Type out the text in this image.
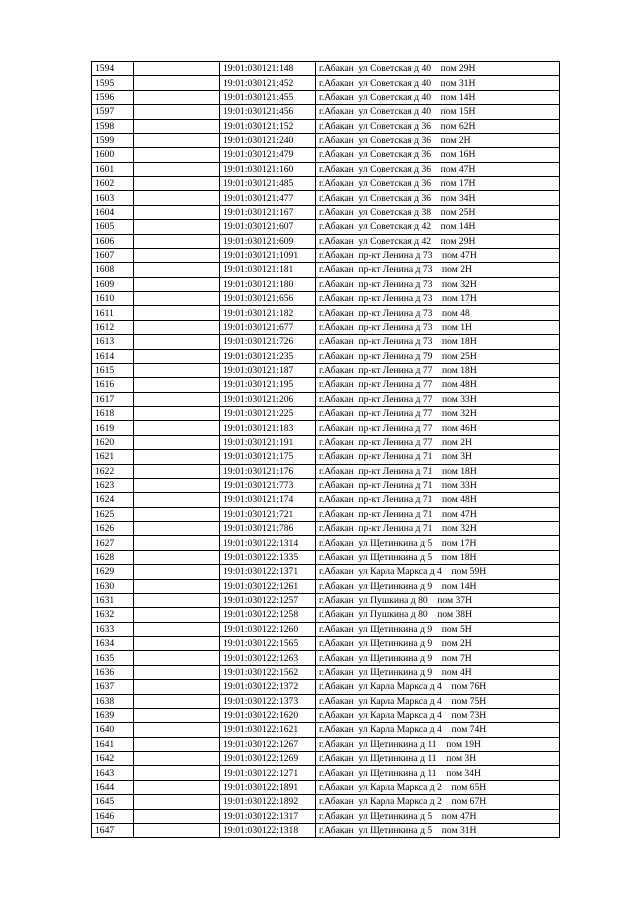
1594		19:01:030121:148	г.Абакан  ул Советская д 40    пом 29Н
1595		19:01:030121:452	г.Абакан  ул Советская д 40    пом 31Н
1596		19:01:030121:455	г.Абакан  ул Советская д 40    пом 14Н
1597		19:01:030121:456	г.Абакан  ул Советская д 40    пом 15Н
1598		19:01:030121:152	г.Абакан  ул Советская д 36    пом 62Н
1599		19:01:030121:240	г.Абакан  ул Советская д 36    пом 2Н
1600		19:01:030121:479	г.Абакан  ул Советская д 36    пом 16Н
1601		19:01:030121:160	г.Абакан  ул Советская д 36    пом 47Н
1602		19:01:030121:485	г.Абакан  ул Советская д 36    пом 17Н
1603		19:01:030121:477	г.Абакан  ул Советская д 36    пом 34Н
1604		19:01:030121:167	г.Абакан  ул Советская д 38    пом 25Н
1605		19:01:030121:607	г.Абакан  ул Советская д 42    пом 14Н
1606		19:01:030121:609	г.Абакан  ул Советская д 42    пом 29Н
1607		19:01:030121:1091	г.Абакан  пр-кт Ленина д 73    пом 47Н
1608		19:01:030121:181	г.Абакан  пр-кт Ленина д 73    пом 2Н
1609		19:01:030121:180	г.Абакан  пр-кт Ленина д 73    пом 32Н
1610		19:01:030121:656	г.Абакан  пр-кт Ленина д 73    пом 17Н
1611		19:01:030121:182	г.Абакан  пр-кт Ленина д 73    пом 48
1612		19:01:030121:677	г.Абакан  пр-кт Ленина д 73    пом 1Н
1613		19:01:030121:726	г.Абакан  пр-кт Ленина д 73    пом 18Н
1614		19:01:030121:235	г.Абакан  пр-кт Ленина д 79    пом 25Н
1615		19:01:030121:187	г.Абакан  пр-кт Ленина д 77    пом 18Н
1616		19:01:030121:195	г.Абакан  пр-кт Ленина д 77    пом 48Н
1617		19:01:030121:206	г.Абакан  пр-кт Ленина д 77    пом 33Н
1618		19:01:030121:225	г.Абакан  пр-кт Ленина д 77    пом 32Н
1619		19:01:030121:183	г.Абакан  пр-кт Ленина д 77    пом 46Н
1620		19:01:030121:191	г.Абакан  пр-кт Ленина д 77    пом 2Н
1621		19:01:030121:175	г.Абакан  пр-кт Ленина д 71    пом 3Н
1622		19:01:030121:176	г.Абакан  пр-кт Ленина д 71    пом 18Н
1623		19:01:030121:773	г.Абакан  пр-кт Ленина д 71    пом 33Н
1624		19:01:030121:174	г.Абакан  пр-кт Ленина д 71    пом 48Н
1625		19:01:030121:721	г.Абакан  пр-кт Ленина д 71    пом 47Н
1626		19:01:030121:786	г.Абакан  пр-кт Ленина д 71    пом 32Н
1627		19:01:030122:1314	г.Абакан  ул Щетинкина д 5    пом 17Н
1628		19:01:030122:1335	г.Абакан  ул Щетинкина д 5    пом 18Н
1629		19:01:030122:1371	г.Абакан  ул Карла Маркса д 4    пом 59Н
1630		19:01:030122:1261	г.Абакан  ул Щетинкина д 9    пом 14Н
1631		19:01:030122:1257	г.Абакан  ул Пушкина д 80    пом 37Н
1632		19:01:030122:1258	г.Абакан  ул Пушкина д 80    пом 38Н
1633		19:01:030122:1260	г.Абакан  ул Щетинкина д 9    пом 5Н
1634		19:01:030122:1565	г.Абакан  ул Щетинкина д 9    пом 2Н
1635		19:01:030122:1263	г.Абакан  ул Щетинкина д 9    пом 7Н
1636		19:01:030122:1562	г.Абакан  ул Щетинкина д 9    пом 4Н
1637		19:01:030122:1372	г.Абакан  ул Карла Маркса д 4    пом 76Н
1638		19:01:030122:1373	г.Абакан  ул Карла Маркса д 4    пом 75Н
1639		19:01:030122:1620	г.Абакан  ул Карла Маркса д 4    пом 73Н
1640		19:01:030122:1621	г.Абакан  ул Карла Маркса д 4    пом 74Н
1641		19:01:030122:1267	г.Абакан  ул Щетинкина д 11    пом 19Н
1642		19:01:030122:1269	г.Абакан  ул Щетинкина д 11    пом 3Н
1643		19:01:030122:1271	г.Абакан  ул Щетинкина д 11    пом 34Н
1644		19:01:030122:1891	г.Абакан  ул Карла Маркса д 2    пом 65Н
1645		19:01:030122:1892	г.Абакан  ул Карла Маркса д 2    пом 67Н
1646		19:01:030122:1317	г.Абакан  ул Щетинкина д 5    пом 47Н
1647		19:01:030122:1318	г.Абакан  ул Щетинкина д 5    пом 31Н
